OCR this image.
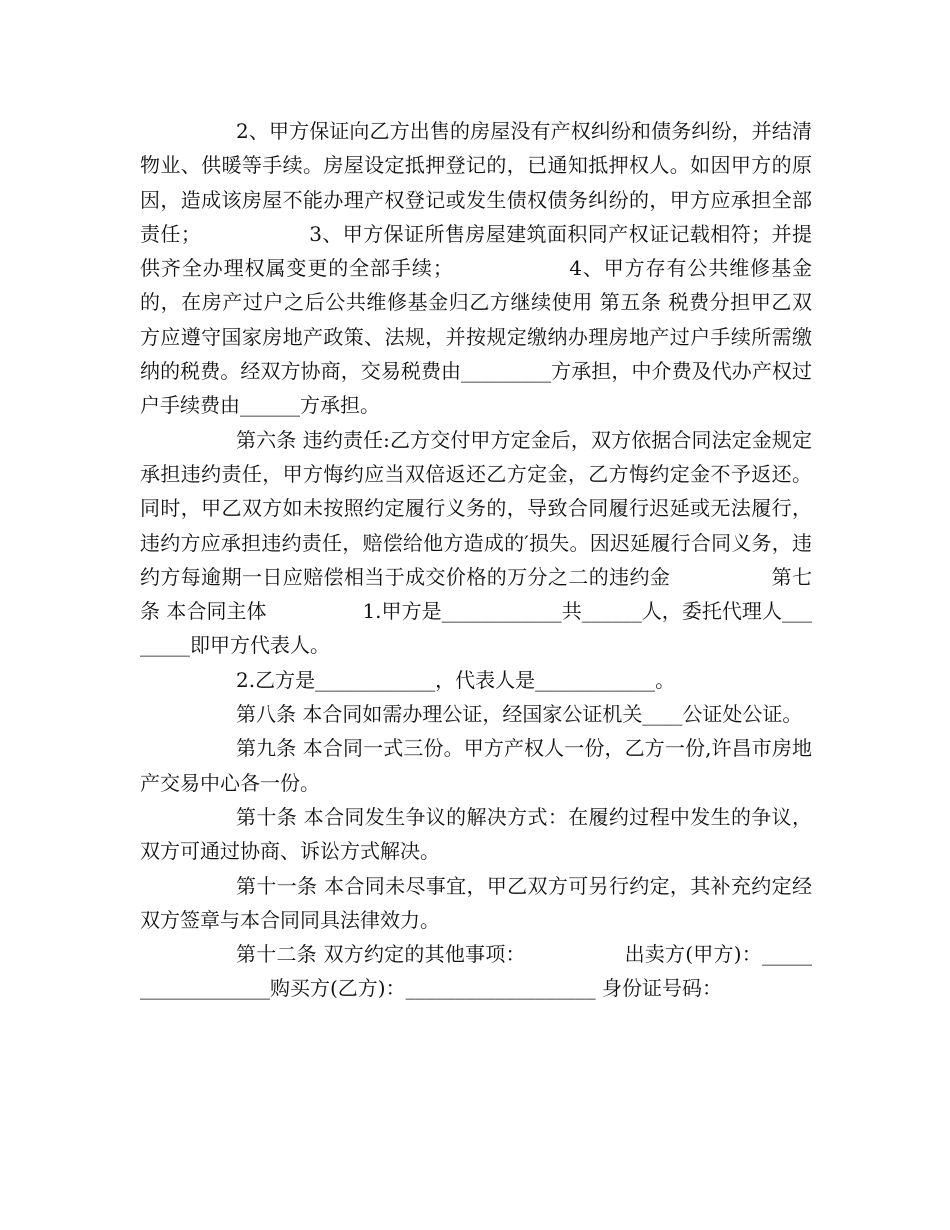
2、甲方保证向乙方出售的房屋没有产权纠纷和债务纠纷，并结清物业、供暖等手续。房屋设定抵押登记的，已通知抵押权人。如因甲方的原因，造成该房屋不能办理产权登记或发生债权债务纠纷的，甲方应承担全部责任；                3、甲方保证所售房屋建筑面积同产权证记载相符；并提供齐全办理权属变更的全部手续；                4、甲方存有公共维修基金的，在房产过户之后公共维修基金归乙方继续使用 第五条 税费分担甲乙双方应遵守国家房地产政策、法规，并按规定缴纳办理房地产过户手续所需缴纳的税费。经双方协商，交易税费由_________方承担，中介费及代办产权过户手续费由______方承担。

第六条 违约责任:乙方交付甲方定金后，双方依据合同法定金规定承担违约责任，甲方悔约应当双倍返还乙方定金，乙方悔约定金不予返还。同时，甲乙双方如未按照约定履行义务的，导致合同履行迟延或无法履行，违约方应承担违约责任，赔偿给他方造成的′损失。因迟延履行合同义务，违约方每逾期一日应赔偿相当于成交价格的万分之二的违约金               第七条 本合同主体               1.甲方是____________共______人，委托代理人________即甲方代表人。

2.乙方是____________，代表人是____________。

第八条 本合同如需办理公证，经国家公证机关____公证处公证。

第九条 本合同一式三份。甲方产权人一份，乙方一份,许昌市房地产交易中心各一份。

第十条 本合同发生争议的解决方式：在履约过程中发生的争议，双方可通过协商、诉讼方式解决。

第十一条 本合同未尽事宜，甲乙双方可另行约定，其补充约定经双方签章与本合同同具法律效力。

第十二条 双方约定的其他事项：               出卖方(甲方)：__________________购买方(乙方)：___________________ 身份证号码：
